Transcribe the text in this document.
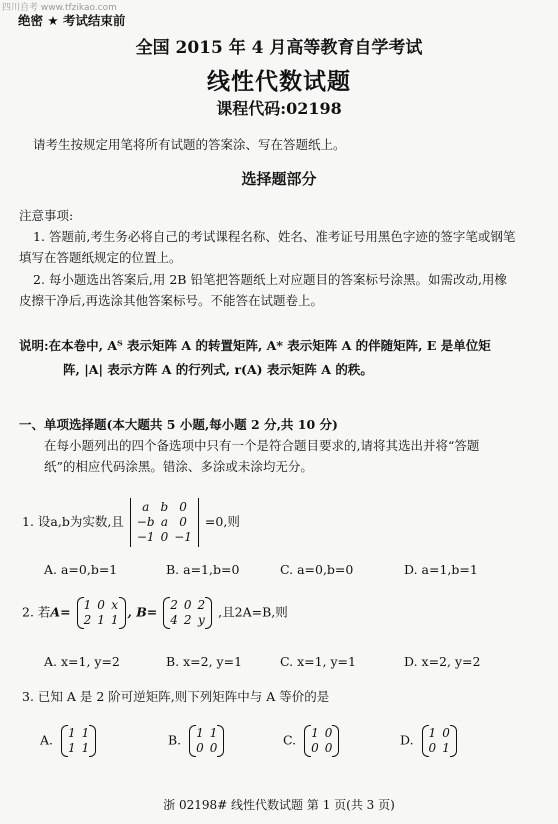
四川自考 www.tfzikao.com
绝密 ★ 考试结束前
全国 2015 年 4 月高等教育自学考试
线性代数试题
课程代码:02198
请考生按规定用笔将所有试题的答案涂、写在答题纸上。
选择题部分
注意事项:
1. 答题前,考生务必将自己的考试课程名称、姓名、准考证号用黑色字迹的签字笔或钢笔
填写在答题纸规定的位置上。
2. 每小题选出答案后,用 2B 铅笔把答题纸上对应题目的答案标号涂黑。如需改动,用橡
皮擦干净后,再选涂其他答案标号。不能答在试题卷上。
说明:在本卷中, Aᵀ 表示矩阵 A 的转置矩阵, A* 表示矩阵 A 的伴随矩阵, E 是单位矩
阵, |A| 表示方阵 A 的行列式, r(A) 表示矩阵 A 的秩。
一、单项选择题(本大题共 5 小题,每小题 2 分,共 10 分)
在每小题列出的四个备选项中只有一个是符合题目要求的,请将其选出并将“答题
纸”的相应代码涂黑。错涂、多涂或未涂均无分。
1. 设a,b为实数,且
a	b	0
−b	a	0
−1	0	−1
=0,则
A. a=0,b=1	B. a=1,b=0	C. a=0,b=0	D. a=1,b=1
2. 若A= 1	0	x
2	1	1
, B= 2	0	2
4	2	y
,且2A=B,则
A. x=1, y=2	B. x=2, y=1	C. x=1, y=1	D. x=2, y=2
3. 已知 A 是 2 阶可逆矩阵,则下列矩阵中与 A 等价的是
A. 1	1
1	1
B. 1	1
0	0
C. 1	0
0	0
D. 1	0
0	1
浙 02198# 线性代数试题 第 1 页(共 3 页)
